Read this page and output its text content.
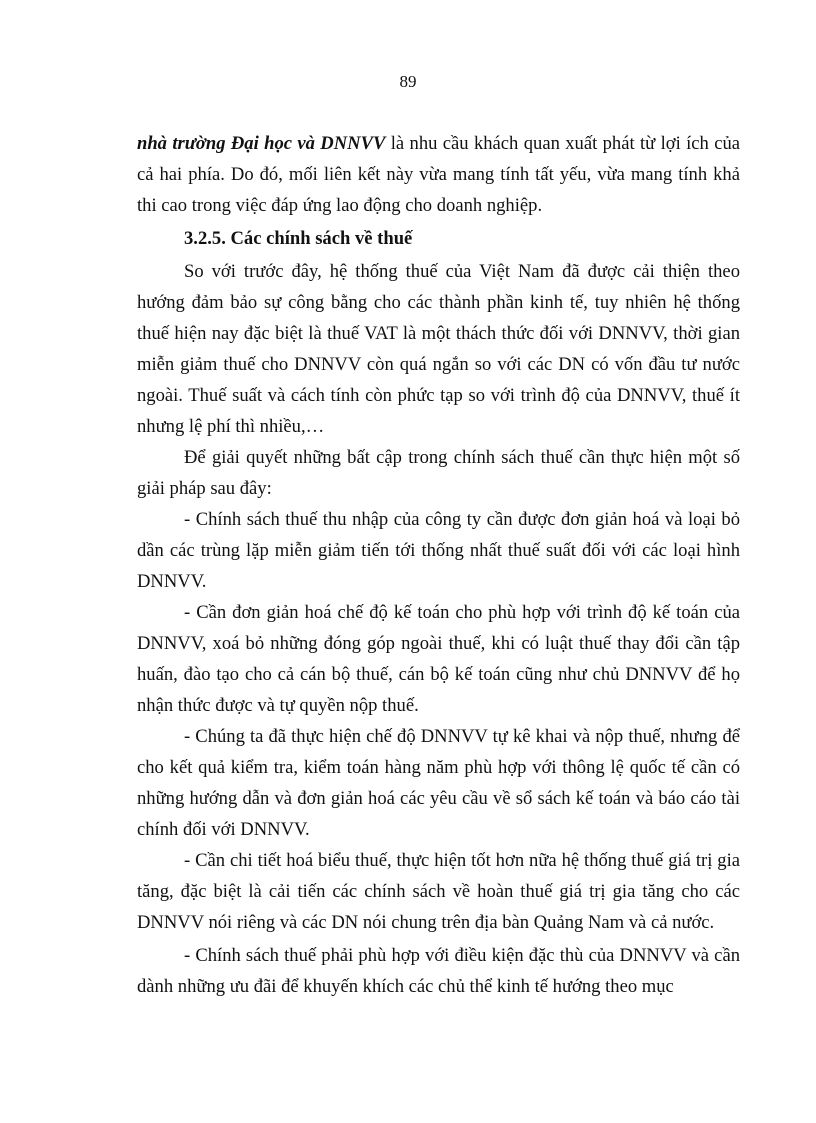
89

nhà trường Đại học và DNNVV là nhu cầu khách quan xuất phát từ lợi ích của cả hai phía. Do đó, mối liên kết này vừa mang tính tất yếu, vừa mang tính khả thi cao trong việc đáp ứng lao động cho doanh nghiệp.

3.2.5. Các chính sách về thuế

So với trước đây, hệ thống thuế của Việt Nam đã được cải thiện theo hướng đảm bảo sự công bằng cho các thành phần kinh tế, tuy nhiên hệ thống thuế hiện nay đặc biệt là thuế VAT là một thách thức đối với DNNVV, thời gian miễn giảm thuế cho DNNVV còn quá ngắn so với các DN có vốn đầu tư nước ngoài. Thuế suất và cách tính còn phức tạp so với trình độ của DNNVV, thuế ít nhưng lệ phí thì nhiều,…

Để giải quyết những bất cập trong chính sách thuế cần thực hiện một số giải pháp sau đây:

- Chính sách thuế thu nhập của công ty cần được đơn giản hoá và loại bỏ dần các trùng lặp miễn giảm tiến tới thống nhất thuế suất đối với các loại hình DNNVV.

- Cần đơn giản hoá chế độ kế toán cho phù hợp với trình độ kế toán của DNNVV, xoá bỏ những đóng góp ngoài thuế, khi có luật thuế thay đổi cần tập huấn, đào tạo cho cả cán bộ thuế, cán bộ kế toán cũng như chủ DNNVV để họ nhận thức được và tự quyền nộp thuế.

- Chúng ta đã thực hiện chế độ DNNVV tự kê khai và nộp thuế, nhưng để cho kết quả kiểm tra, kiểm toán hàng năm phù hợp với thông lệ quốc tế cần có những hướng dẫn và đơn giản hoá các yêu cầu về sổ sách kế toán và báo cáo tài chính đối với DNNVV.

- Cần chi tiết hoá biểu thuế, thực hiện tốt hơn nữa hệ thống thuế giá trị gia tăng, đặc biệt là cải tiến các chính sách về hoàn thuế giá trị gia tăng cho các DNNVV nói riêng và các DN nói chung trên địa bàn Quảng Nam và cả nước.

- Chính sách thuế phải phù hợp với điều kiện đặc thù của DNNVV và cần dành những ưu đãi để khuyến khích các chủ thể kinh tế hướng theo mục
